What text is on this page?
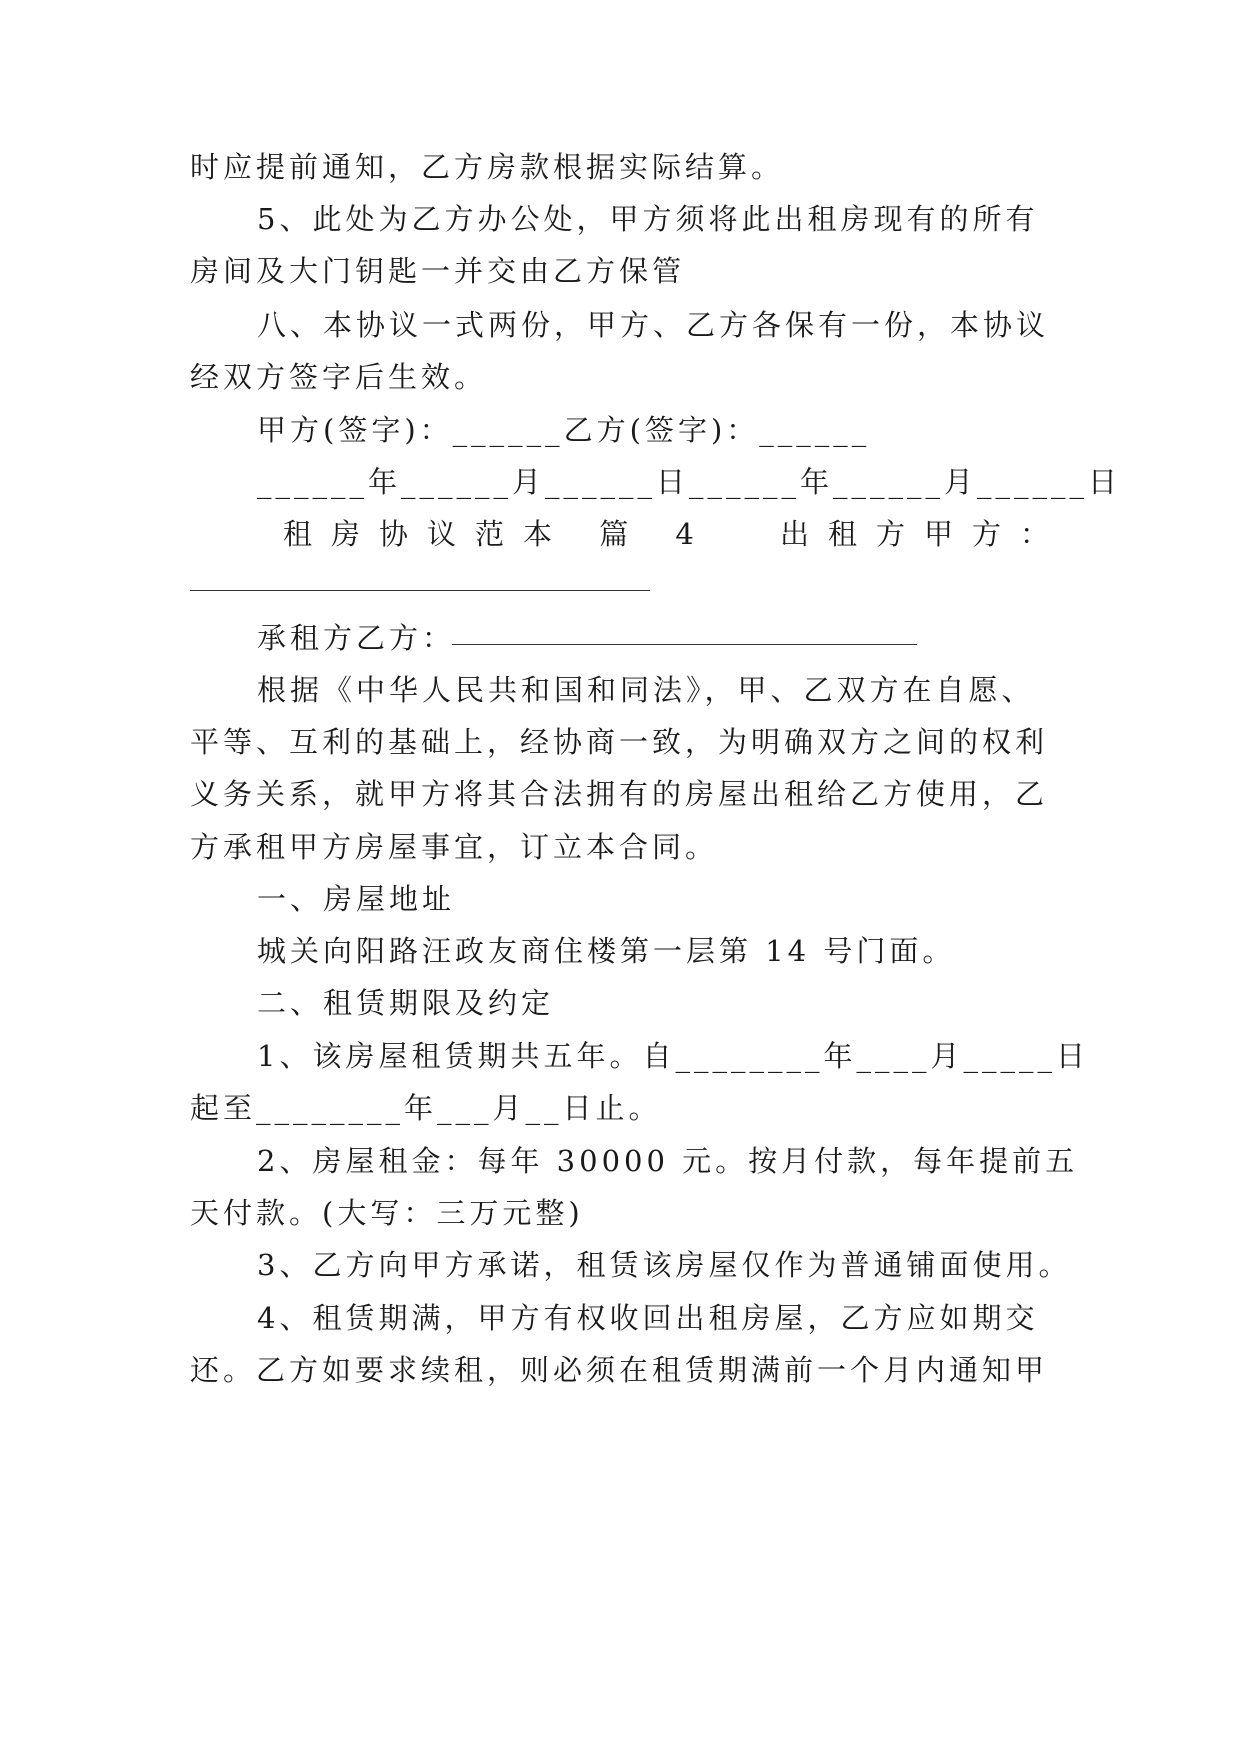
时应提前通知，乙方房款根据实际结算。
5、此处为乙方办公处，甲方须将此出租房现有的所有
房间及大门钥匙一并交由乙方保管
八、本协议一式两份，甲方、乙方各保有一份，本协议
经双方签字后生效。
甲方(签字)：______乙方(签字)：______
______年______月______日______年______月______日
租房协议范本 篇 4 出租方甲方：
承租方乙方：
根据《中华人民共和国和同法》，甲、乙双方在自愿、
平等、互利的基础上，经协商一致，为明确双方之间的权利
义务关系，就甲方将其合法拥有的房屋出租给乙方使用，乙
方承租甲方房屋事宜，订立本合同。
一、房屋地址
城关向阳路汪政友商住楼第一层第 14 号门面。
二、租赁期限及约定
1、该房屋租赁期共五年。自________年____月_____日
起至________年___月__日止。
2、房屋租金：每年 30000 元。按月付款，每年提前五
天付款。(大写：三万元整)
3、乙方向甲方承诺，租赁该房屋仅作为普通铺面使用。
4、租赁期满，甲方有权收回出租房屋，乙方应如期交
还。乙方如要求续租，则必须在租赁期满前一个月内通知甲
